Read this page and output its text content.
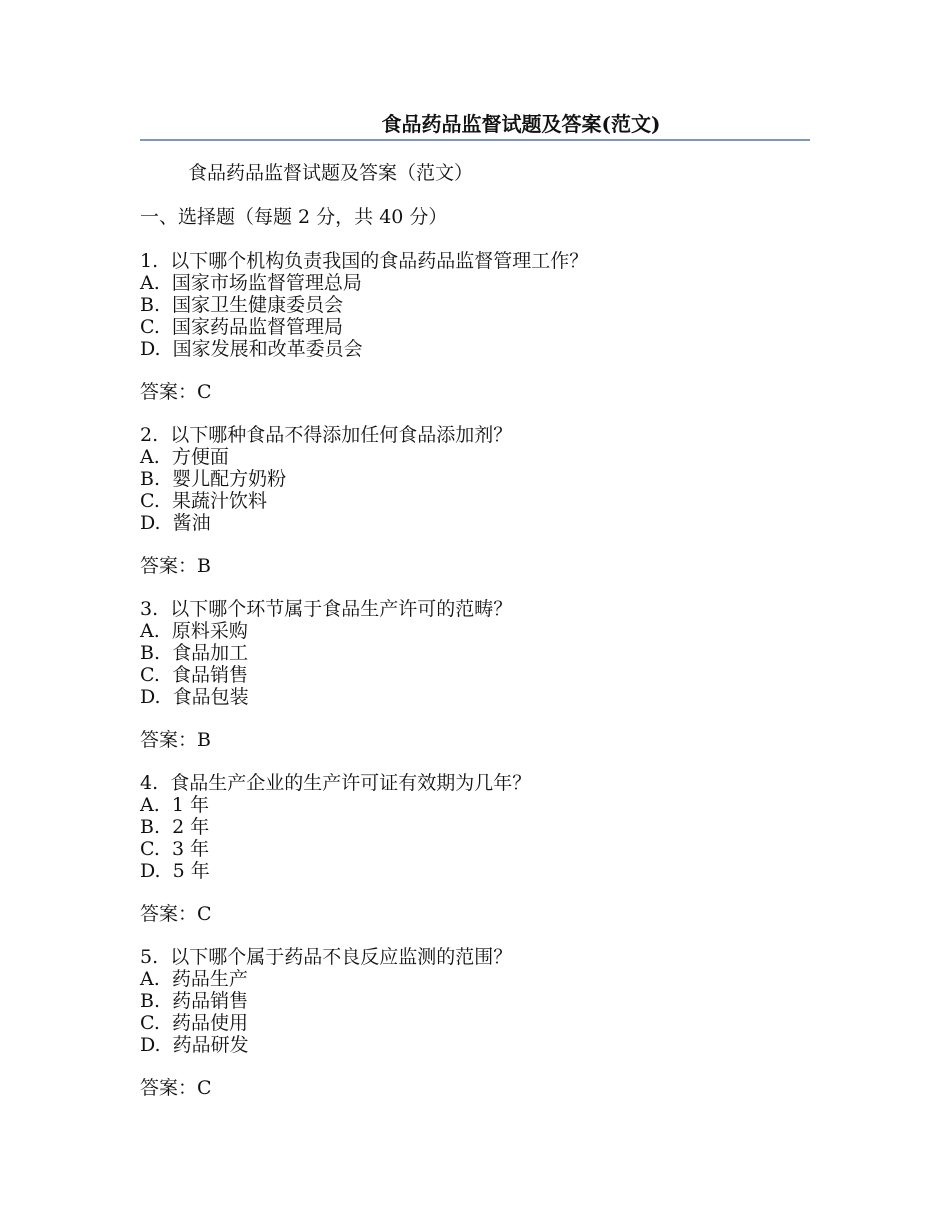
食品药品监督试题及答案(范文)
食品药品监督试题及答案（范文）
一、选择题（每题 2 分，共 40 分）
1.  以下哪个机构负责我国的食品药品监督管理工作？
A.  国家市场监督管理总局
B.  国家卫生健康委员会
C.  国家药品监督管理局
D.  国家发展和改革委员会
答案：C
2.  以下哪种食品不得添加任何食品添加剂？
A.  方便面
B.  婴儿配方奶粉
C.  果蔬汁饮料
D.  酱油
答案：B
3.  以下哪个环节属于食品生产许可的范畴？
A.  原料采购
B.  食品加工
C.  食品销售
D.  食品包装
答案：B
4.  食品生产企业的生产许可证有效期为几年？
A.  1 年
B.  2 年
C.  3 年
D.  5 年
答案：C
5.  以下哪个属于药品不良反应监测的范围？
A.  药品生产
B.  药品销售
C.  药品使用
D.  药品研发
答案：C
